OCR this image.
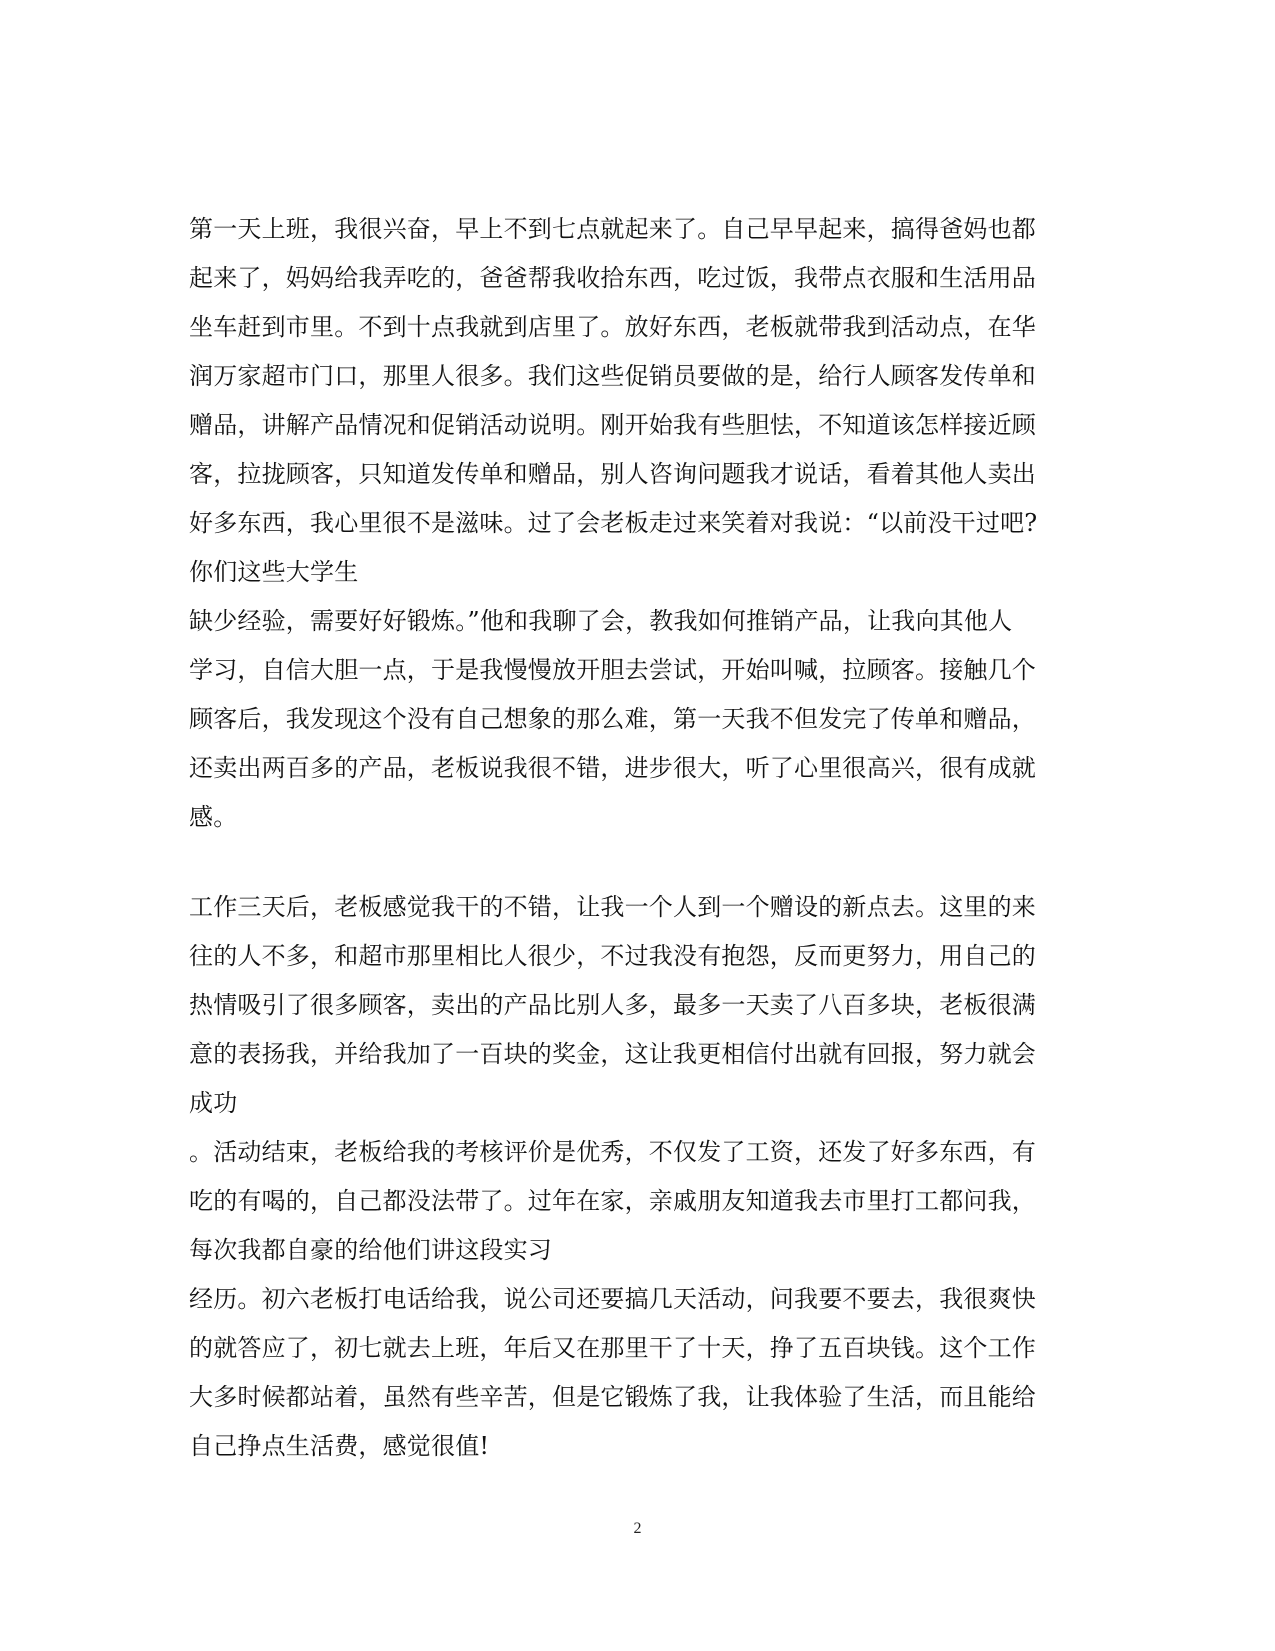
第一天上班，我很兴奋，早上不到七点就起来了。自己早早起来，搞得爸妈也都
起来了，妈妈给我弄吃的，爸爸帮我收拾东西，吃过饭，我带点衣服和生活用品
坐车赶到市里。不到十点我就到店里了。放好东西，老板就带我到活动点，在华
润万家超市门口，那里人很多。我们这些促销员要做的是，给行人顾客发传单和
赠品，讲解产品情况和促销活动说明。刚开始我有些胆怯，不知道该怎样接近顾
客，拉拢顾客，只知道发传单和赠品，别人咨询问题我才说话，看着其他人卖出
好多东西，我心里很不是滋味。过了会老板走过来笑着对我说：“以前没干过吧?
你们这些大学生
缺少经验，需要好好锻炼。”他和我聊了会，教我如何推销产品，让我向其他人
学习，自信大胆一点，于是我慢慢放开胆去尝试，开始叫喊，拉顾客。接触几个
顾客后，我发现这个没有自己想象的那么难，第一天我不但发完了传单和赠品，
还卖出两百多的产品，老板说我很不错，进步很大，听了心里很高兴，很有成就
感。
工作三天后，老板感觉我干的不错，让我一个人到一个赠设的新点去。这里的来
往的人不多，和超市那里相比人很少，不过我没有抱怨，反而更努力，用自己的
热情吸引了很多顾客，卖出的产品比别人多，最多一天卖了八百多块，老板很满
意的表扬我，并给我加了一百块的奖金，这让我更相信付出就有回报，努力就会
成功
。活动结束，老板给我的考核评价是优秀，不仅发了工资，还发了好多东西，有
吃的有喝的，自己都没法带了。过年在家，亲戚朋友知道我去市里打工都问我，
每次我都自豪的给他们讲这段实习
经历。初六老板打电话给我，说公司还要搞几天活动，问我要不要去，我很爽快
的就答应了，初七就去上班，年后又在那里干了十天，挣了五百块钱。这个工作
大多时候都站着，虽然有些辛苦，但是它锻炼了我，让我体验了生活，而且能给
自己挣点生活费，感觉很值!
2
